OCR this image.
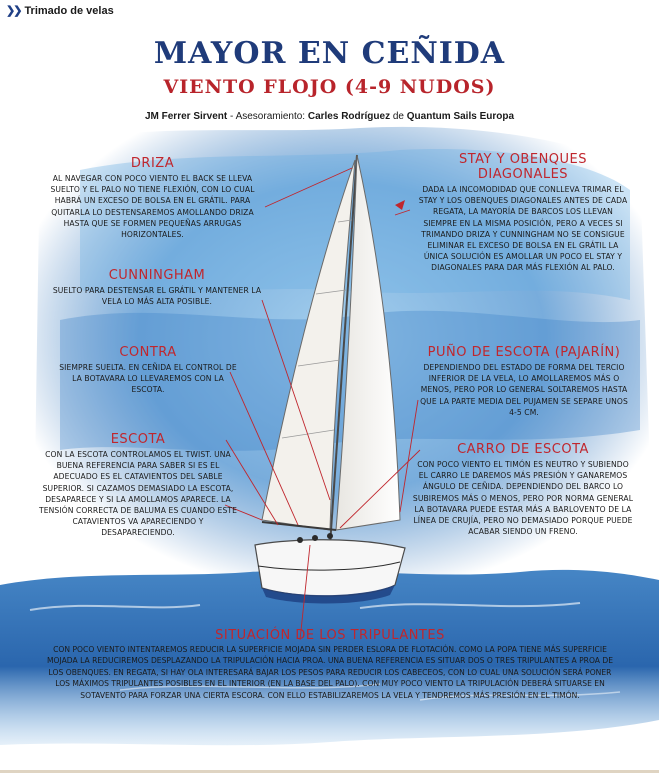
❯❯ Trimado de velas
MAYOR EN CEÑIDA
VIENTO FLOJO (4-9 NUDOS)
JM Ferrer Sirvent - Asesoramiento: Carles Rodríguez de Quantum Sails Europa
DRIZA

AL NAVEGAR CON POCO VIENTO EL BACK SE LLEVA SUELTO Y EL PALO NO TIENE FLEXIÓN, CON LO CUAL HABRÁ UN EXCESO DE BOLSA EN EL GRÁTIL. PARA QUITARLA LO DESTENSAREMOS AMOLLANDO DRIZA HASTA QUE SE FORMEN PEQUEÑAS ARRUGAS HORIZONTALES.

CUNNINGHAM

SUELTO PARA DESTENSAR EL GRÁTIL Y MANTENER LA VELA LO MÁS ALTA POSIBLE.

CONTRA

SIEMPRE SUELTA. EN CEÑIDA EL CONTROL DE LA BOTAVARA LO LLEVAREMOS CON LA ESCOTA.

ESCOTA

CON LA ESCOTA CONTROLAMOS EL TWIST. UNA BUENA REFERENCIA PARA SABER SI ES EL ADECUADO ES EL CATAVIENTOS DEL SABLE SUPERIOR. SI CAZAMOS DEMASIADO LA ESCOTA, DESAPARECE Y SI LA AMOLLAMOS APARECE. LA TENSIÓN CORRECTA DE BALUMA ES CUANDO ESTE CATAVIENTOS VA APARECIENDO Y DESAPARECIENDO.

STAY Y OBENQUES DIAGONALES

DADA LA INCOMODIDAD QUE CONLLEVA TRIMAR EL STAY Y LOS OBENQUES DIAGONALES ANTES DE CADA REGATA, LA MAYORÍA DE BARCOS LOS LLEVAN SIEMPRE EN LA MISMA POSICIÓN, PERO A VECES SI TRIMANDO DRIZA Y CUNNINGHAM NO SE CONSIGUE ELIMINAR EL EXCESO DE BOLSA EN EL GRÁTIL LA ÚNICA SOLUCIÓN ES AMOLLAR UN POCO EL STAY Y DIAGONALES PARA DAR MÁS FLEXIÓN AL PALO.

PUÑO DE ESCOTA (PAJARÍN)

DEPENDIENDO DEL ESTADO DE FORMA DEL TERCIO INFERIOR DE LA VELA, LO AMOLLAREMOS MÁS O MENOS, PERO POR LO GENERAL SOLTAREMOS HASTA QUE LA PARTE MEDIA DEL PUJAMEN SE SEPARE UNOS 4-5 CM.

CARRO DE ESCOTA

CON POCO VIENTO EL TIMÓN ES NEUTRO Y SUBIENDO EL CARRO LE DAREMOS MÁS PRESIÓN Y GANAREMOS ÁNGULO DE CEÑIDA. DEPENDIENDO DEL BARCO LO SUBIREMOS MÁS O MENOS, PERO POR NORMA GENERAL LA BOTAVARA PUEDE ESTAR MÁS A BARLOVENTO DE LA LÍNEA DE CRUJÍA, PERO NO DEMASIADO PORQUE PUEDE ACABAR SIENDO UN FRENO.

SITUACIÓN DE LOS TRIPULANTES

CON POCO VIENTO INTENTAREMOS REDUCIR LA SUPERFICIE MOJADA SIN PERDER ESLORA DE FLOTACIÓN. COMO LA POPA TIENE MÁS SUPERFICIE MOJADA LA REDUCIREMOS DESPLAZANDO LA TRIPULACIÓN HACIA PROA. UNA BUENA REFERENCIA ES SITUAR DOS O TRES TRIPULANTES A PROA DE LOS OBENQUES. EN REGATA, SI HAY OLA INTERESARÁ BAJAR LOS PESOS PARA REDUCIR LOS CABECEOS, CON LO CUAL UNA SOLUCIÓN SERÁ PONER LOS MÁXIMOS TRIPULANTES POSIBLES EN EL INTERIOR (EN LA BASE DEL PALO). CON MUY POCO VIENTO LA TRIPULACIÓN DEBERÁ SITUARSE EN SOTAVENTO PARA FORZAR UNA CIERTA ESCORA. CON ELLO ESTABILIZAREMOS LA VELA Y TENDREMOS MÁS PRESIÓN EN EL TIMÓN.
